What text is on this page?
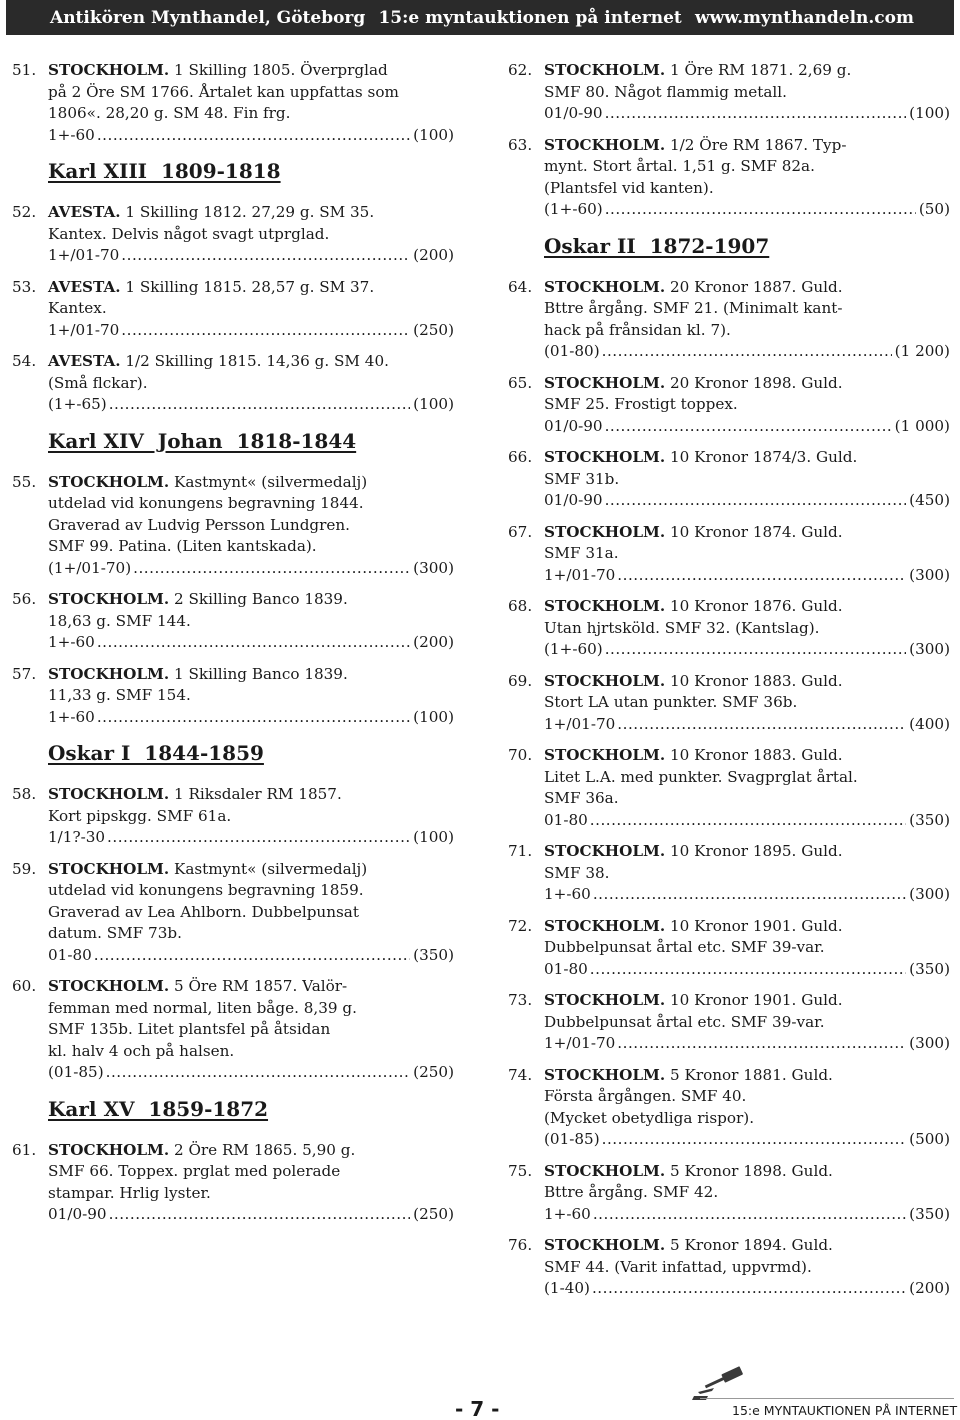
Antikören Mynthandel, Göteborg 15:e myntauktionen på internet www.mynthandeln.com
51. STOCKHOLM. 1 Skilling 1805. Överprglad
på 2 Öre SM 1766. Årtalet kan uppfattas som
1806«. 28,20 g. SM 48. Fin frg.
1+-60 .....	(100)
Karl XIII  1809-1818
52. AVESTA. 1 Skilling 1812. 27,29 g. SM 35.
Kantex. Delvis något svagt utprglad.
1+/01-70 .....	(200)
53. AVESTA. 1 Skilling 1815. 28,57 g. SM 37.
Kantex.
1+/01-70 .....	(250)
54. AVESTA. 1/2 Skilling 1815. 14,36 g. SM 40.
(Små flckar).
(1+-65) .....	(100)
Karl XIV  Johan  1818-1844
55. STOCKHOLM. Kastmynt« (silvermedalj)
utdelad vid konungens begravning 1844.
Graverad av Ludvig Persson Lundgren.
SMF 99. Patina. (Liten kantskada).
(1+/01-70) .....	(300)
56. STOCKHOLM. 2 Skilling Banco 1839.
18,63 g. SMF 144.
1+-60 .....	(200)
57. STOCKHOLM. 1 Skilling Banco 1839.
11,33 g. SMF 154.
1+-60 .....	(100)
Oskar I  1844-1859
58. STOCKHOLM. 1 Riksdaler RM 1857.
Kort pipskgg. SMF 61a.
1/1?-30 .....	(100)
59. STOCKHOLM. Kastmynt« (silvermedalj)
utdelad vid konungens begravning 1859.
Graverad av Lea Ahlborn. Dubbelpunsat
datum. SMF 73b.
01-80 .....	(350)
60. STOCKHOLM. 5 Öre RM 1857. Valör-
femman med normal, liten båge. 8,39 g.
SMF 135b. Litet plantsfel på åtsidan
kl. halv 4 och på halsen.
(01-85) .....	(250)
Karl XV  1859-1872
61. STOCKHOLM. 2 Öre RM 1865. 5,90 g.
SMF 66. Toppex. prglat med polerade
stampar. Hrlig lyster.
01/0-90 .....	(250)
62. STOCKHOLM. 1 Öre RM 1871. 2,69 g.
SMF 80. Något flammig metall.
01/0-90 .....	(100)
63. STOCKHOLM. 1/2 Öre RM 1867. Typ-
mynt. Stort årtal. 1,51 g. SMF 82a.
(Plantsfel vid kanten).
(1+-60) .....	(50)
Oskar II  1872-1907
64. STOCKHOLM. 20 Kronor 1887. Guld.
Bttre årgång. SMF 21. (Minimalt kant-
hack på frånsidan kl. 7).
(01-80) .....	(1 200)
65. STOCKHOLM. 20 Kronor 1898. Guld.
SMF 25. Frostigt toppex.
01/0-90 .....	(1 000)
66. STOCKHOLM. 10 Kronor 1874/3. Guld.
SMF 31b.
01/0-90 .....	(450)
67. STOCKHOLM. 10 Kronor 1874. Guld.
SMF 31a.
1+/01-70 .....	(300)
68. STOCKHOLM. 10 Kronor 1876. Guld.
Utan hjrtsköld. SMF 32. (Kantslag).
(1+-60) .....	(300)
69. STOCKHOLM. 10 Kronor 1883. Guld.
Stort LA utan punkter. SMF 36b.
1+/01-70 .....	(400)
70. STOCKHOLM. 10 Kronor 1883. Guld.
Litet L.A. med punkter. Svagprglat årtal.
SMF 36a.
01-80 .....	(350)
71. STOCKHOLM. 10 Kronor 1895. Guld.
SMF 38.
1+-60 .....	(300)
72. STOCKHOLM. 10 Kronor 1901. Guld.
Dubbelpunsat årtal etc. SMF 39-var.
01-80 .....	(350)
73. STOCKHOLM. 10 Kronor 1901. Guld.
Dubbelpunsat årtal etc. SMF 39-var.
1+/01-70 .....	(300)
74. STOCKHOLM. 5 Kronor 1881. Guld.
Första årgången. SMF 40.
(Mycket obetydliga rispor).
(01-85) .....	(500)
75. STOCKHOLM. 5 Kronor 1898. Guld.
Bttre årgång. SMF 42.
1+-60 .....	(350)
76. STOCKHOLM. 5 Kronor 1894. Guld.
SMF 44. (Varit infattad, uppvrmd).
(1-40) .....	(200)
- 7 -	15:e MYNTAUKTIONEN PÅ INTERNET
